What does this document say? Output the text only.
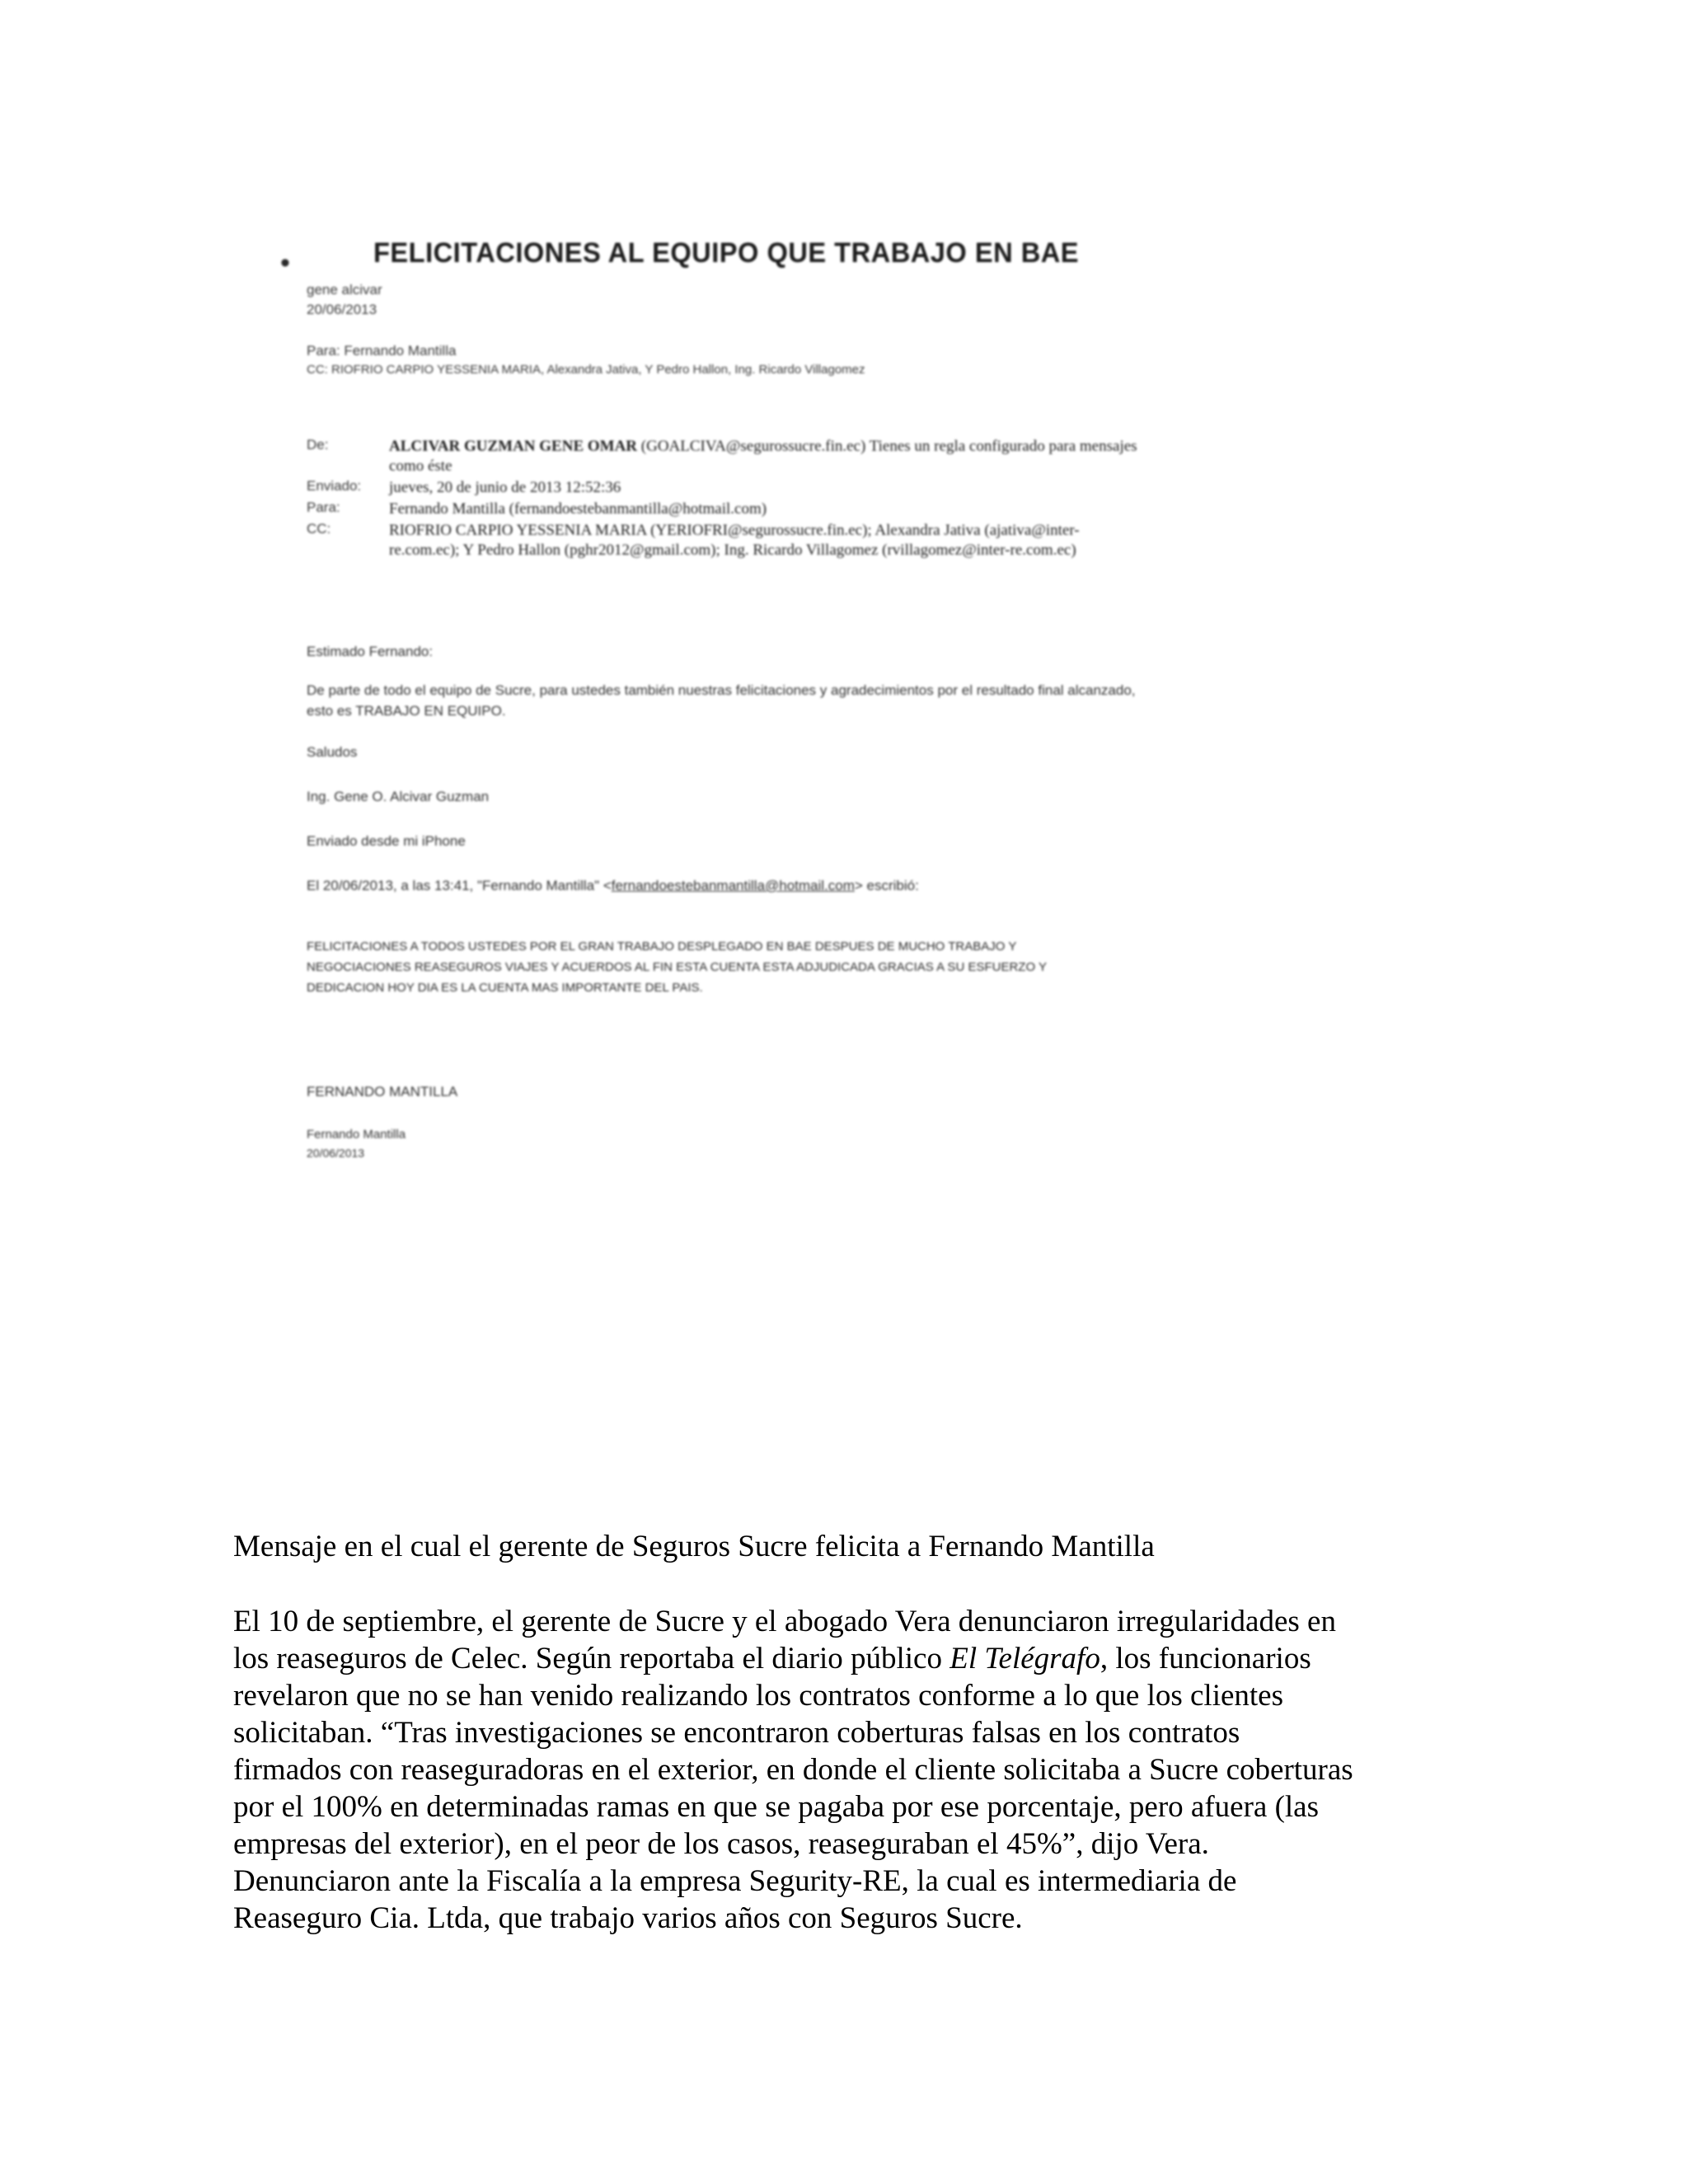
•	FELICITACIONES AL EQUIPO QUE TRABAJO EN BAE
gene alcivar
20/06/2013
Para: Fernando Mantilla
CC: RIOFRIO CARPIO YESSENIA MARIA, Alexandra Jativa, Y Pedro Hallon, Ing. Ricardo Villagomez
De:	ALCIVAR GUZMAN GENE OMAR (GOALCIVA@segurossucre.fin.ec) Tienes un regla configurado para mensajes como éste
Enviado:	jueves, 20 de junio de 2013 12:52:36
Para:	Fernando Mantilla (fernandoestebanmantilla@hotmail.com)
CC:	RIOFRIO CARPIO YESSENIA MARIA (YERIOFRI@segurossucre.fin.ec); Alexandra Jativa (ajativa@inter-re.com.ec); Y Pedro Hallon (pghr2012@gmail.com); Ing. Ricardo Villagomez (rvillagomez@inter-re.com.ec)
Estimado Fernando:
De parte de todo el equipo de Sucre, para ustedes también nuestras felicitaciones y agradecimientos por el resultado final alcanzado, esto es TRABAJO EN EQUIPO.
Saludos
Ing. Gene O. Alcivar Guzman
Enviado desde mi iPhone
El 20/06/2013, a las 13:41, "Fernando Mantilla" <fernandoestebanmantilla@hotmail.com> escribió:
FELICITACIONES A TODOS USTEDES POR EL GRAN TRABAJO DESPLEGADO EN BAE DESPUES DE MUCHO TRABAJO Y NEGOCIACIONES REASEGUROS VIAJES Y ACUERDOS AL FIN ESTA CUENTA ESTA ADJUDICADA GRACIAS A SU ESFUERZO Y DEDICACION HOY DIA ES LA CUENTA MAS IMPORTANTE DEL PAIS.
FERNANDO MANTILLA
Fernando Mantilla
20/06/2013
Mensaje en el cual el gerente de Seguros Sucre felicita a Fernando Mantilla
El 10 de septiembre, el gerente de Sucre y el abogado Vera denunciaron irregularidades en
los reaseguros de Celec. Según reportaba el diario público El Telégrafo, los funcionarios
revelaron que no se han venido realizando los contratos conforme a lo que los clientes
solicitaban. “Tras investigaciones se encontraron coberturas falsas en los contratos
firmados con reaseguradoras en el exterior, en donde el cliente solicitaba a Sucre coberturas
por el 100% en determinadas ramas en que se pagaba por ese porcentaje, pero afuera (las
empresas del exterior), en el peor de los casos, reaseguraban el 45%”, dijo Vera.
Denunciaron ante la Fiscalía a la empresa Segurity-RE, la cual es intermediaria de
Reaseguro Cia. Ltda, que trabajo varios años con Seguros Sucre.
